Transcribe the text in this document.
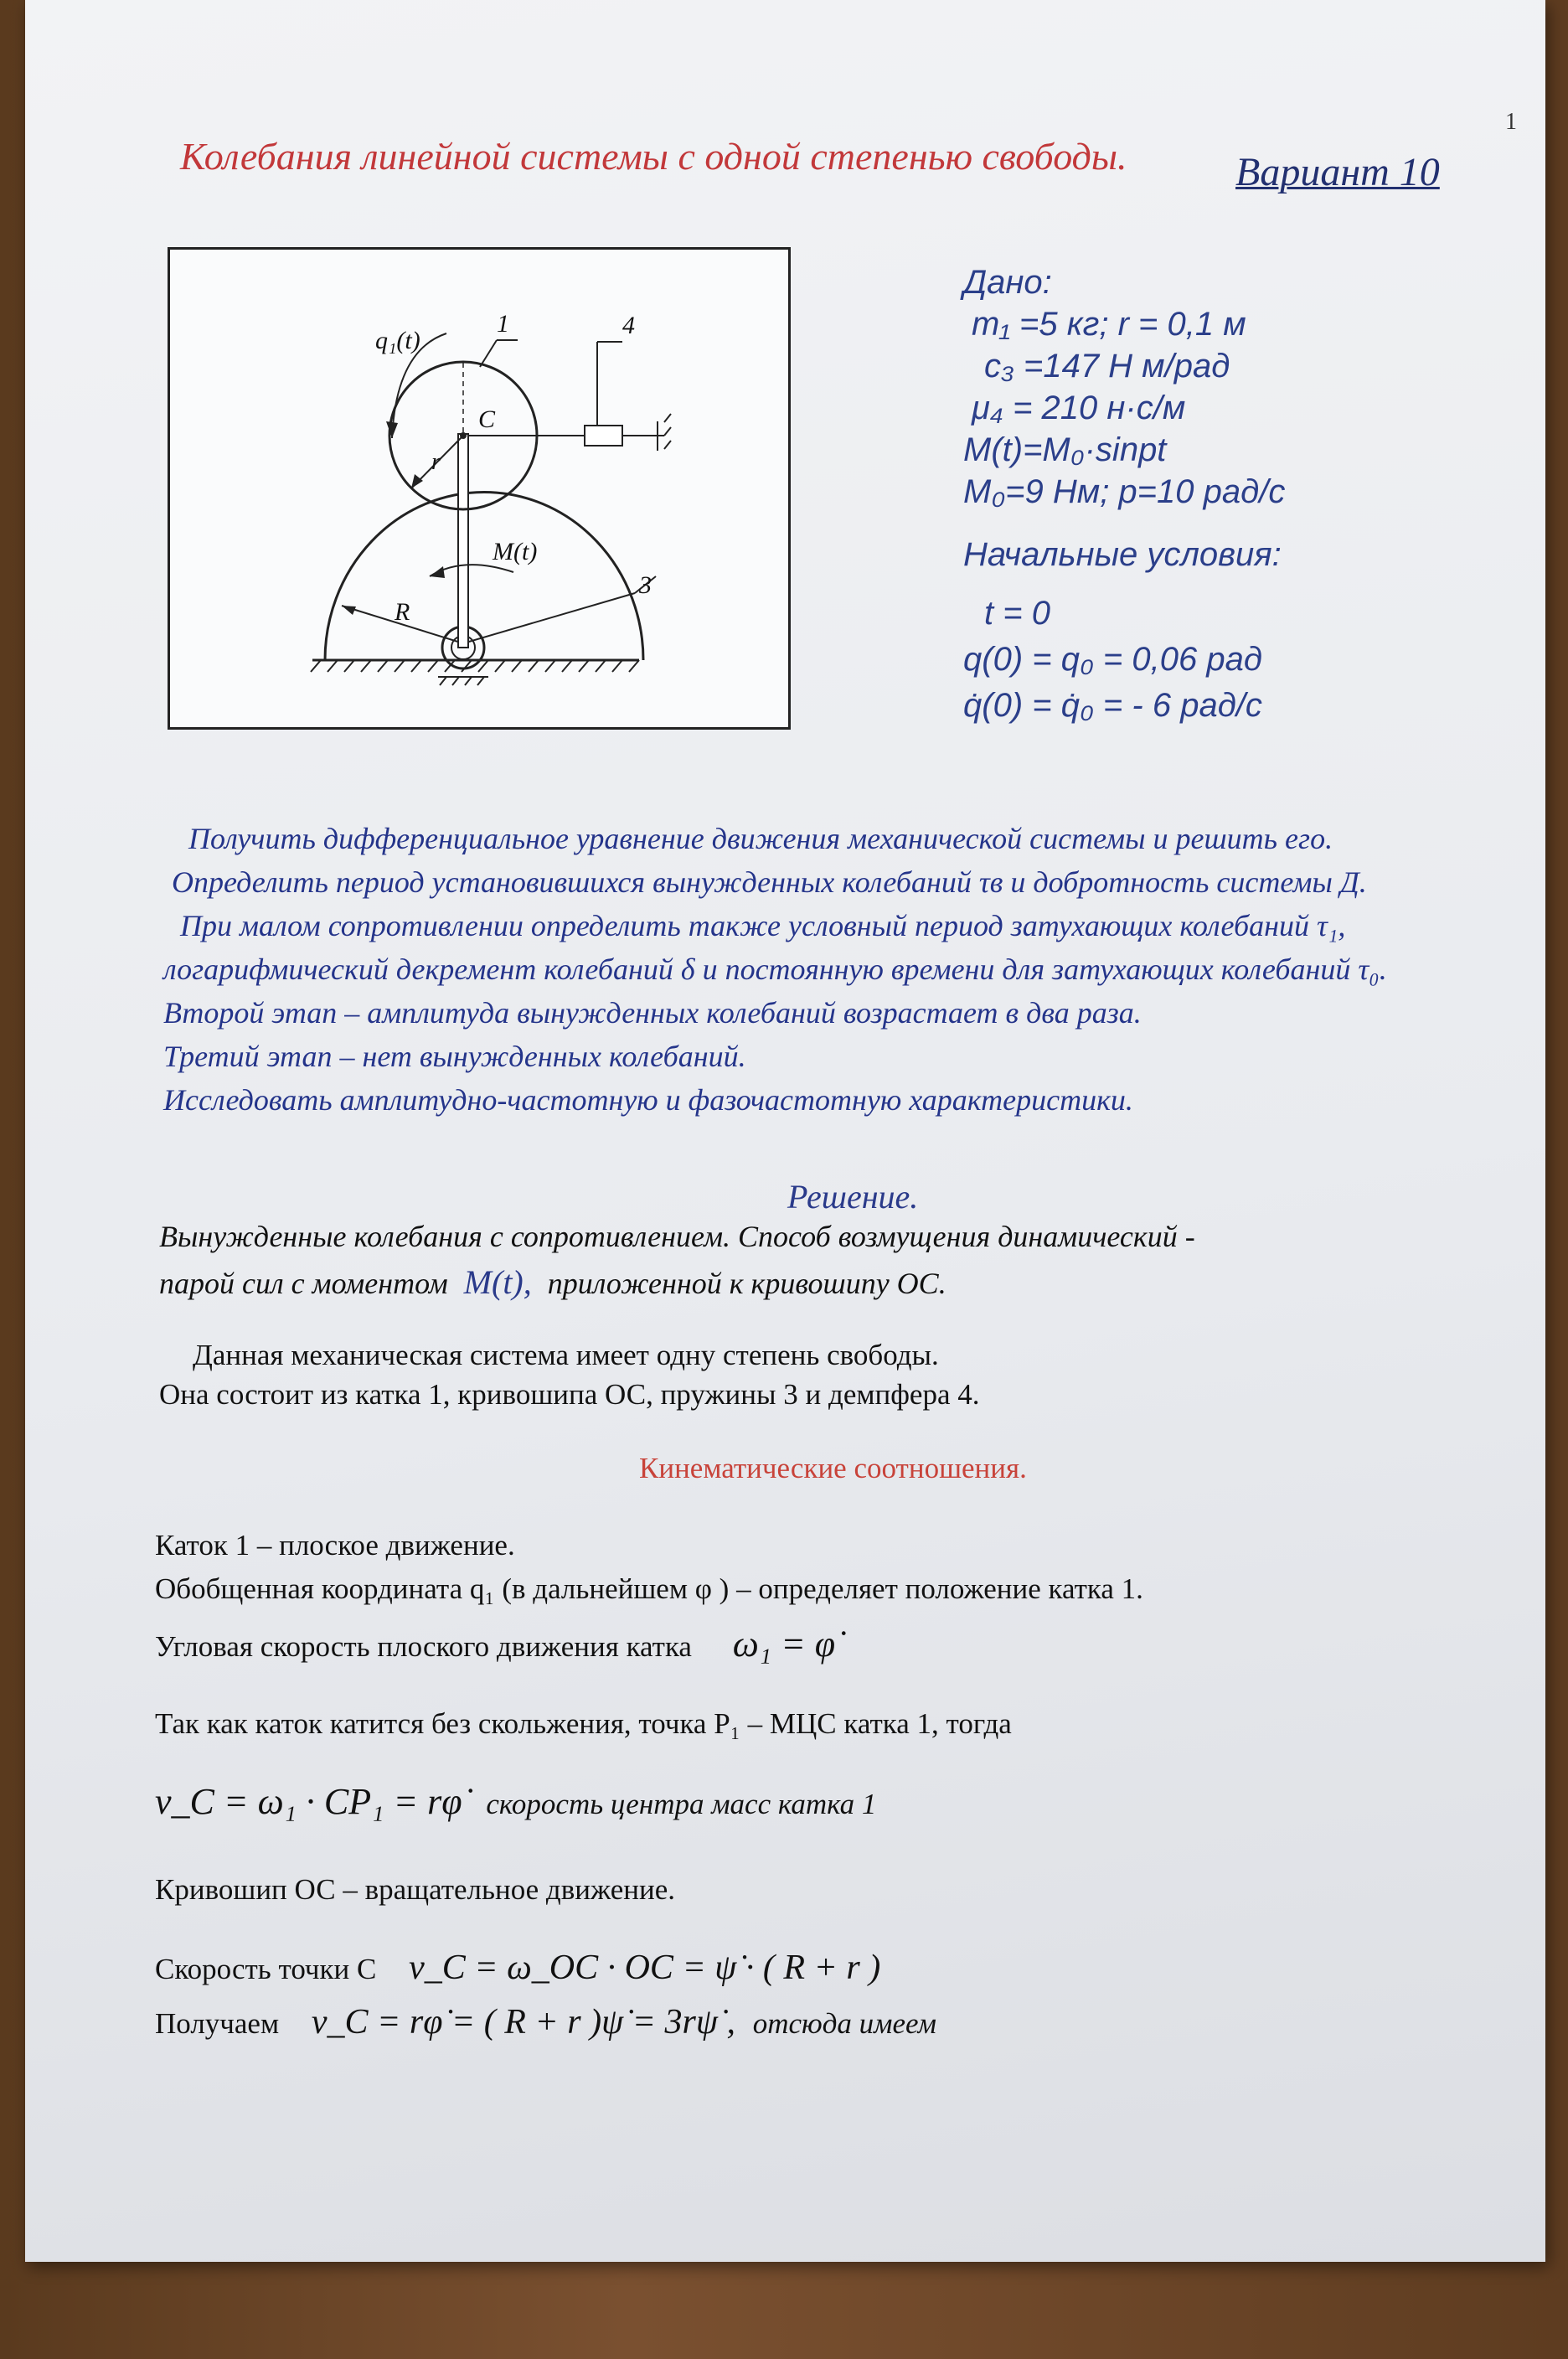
1
Колебания линейной системы с одной степенью свободы.	Вариант 10
q₁(t)
1	4
C
r
M(t)
3
R
Дано:
m₁ =5 кг; r = 0,1 м
c₃ =147 Н м/рад
μ₄ = 210 н·с/м
M(t)=M₀·sinpt
M₀=9 Нм; p=10 рад/с
Начальные условия:
t = 0
q(0) = q₀ = 0,06 рад
q̇(0) = q̇₀ = - 6 рад/с
Получить дифференциальное уравнение движения механической системы и решить его.
Определить период установившихся вынужденных колебаний τв и добротность системы Д.
При малом сопротивлении определить также условный период затухающих колебаний τ₁,
логарифмический декремент колебаний δ и постоянную времени для затухающих колебаний τ₀.
Второй этап – амплитуда вынужденных колебаний возрастает в два раза.
Третий этап – нет вынужденных колебаний.
Исследовать амплитудно-частотную и фазочастотную характеристики.
Решение.
Вынужденные колебания с сопротивлением. Способ возмущения динамический -
парой сил с моментом M(t), приложенной к кривошипу ОС.
Данная механическая система имеет одну степень свободы.
Она состоит из катка 1, кривошипа ОС, пружины 3 и демпфера 4.
Кинематические соотношения.
Каток 1 – плоское движение.
Обобщенная координата q₁ (в дальнейшем φ ) – определяет положение катка 1.
Угловая скорость плоского движения катка ω₁ = φ̇
Так как каток катится без скольжения, точка P₁ – МЦС катка 1, тогда
v_C = ω₁ · CP₁ = rφ̇ скорость центра масс катка 1
Кривошип ОС – вращательное движение.
Скорость точки C v_C = ω_OC · OC = ψ̇ · ( R + r )
Получаем v_C = rφ̇ = ( R + r )ψ̇ = 3rψ̇ , отсюда имеем
